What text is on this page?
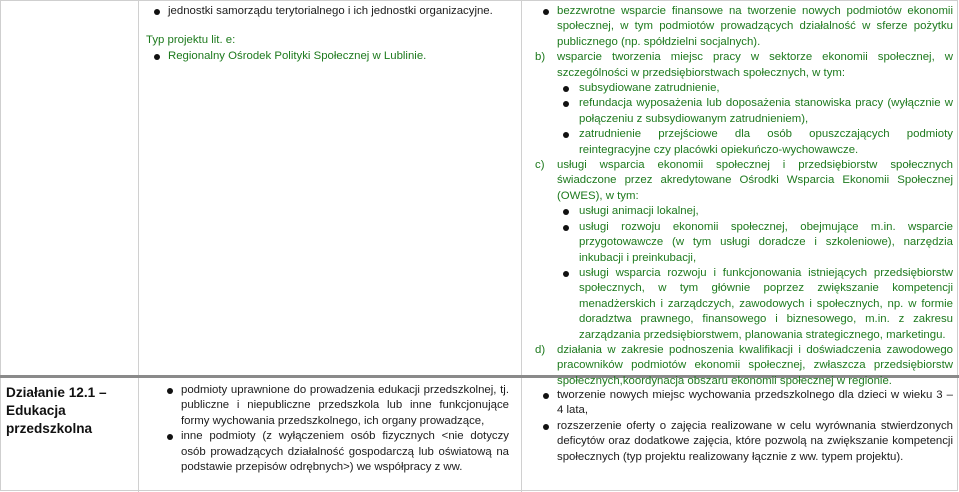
jednostki samorządu terytorialnego i ich jednostki organizacyjne.

Typ projektu lit. e:

Regionalny Ośrodek Polityki Społecznej w Lublinie.
bezzwrotne wsparcie finansowe na tworzenie nowych podmiotów ekonomii społecznej, w tym podmiotów prowadzących działalność w sferze pożytku publicznego (np. spółdzielni socjalnych).
b) wsparcie tworzenia miejsc pracy w sektorze ekonomii społecznej, w szczególności w przedsiębiorstwach społecznych, w tym:
subsydiowane zatrudnienie,
refundacja wyposażenia lub doposażenia stanowiska pracy (wyłącznie w połączeniu z subsydiowanym zatrudnieniem),
zatrudnienie przejściowe dla osób opuszczających podmioty reintegracyjne czy placówki opiekuńczo-wychowawcze.
c) usługi wsparcia ekonomii społecznej i przedsiębiorstw społecznych świadczone przez akredytowane Ośrodki Wsparcia Ekonomii Społecznej (OWES), w tym:
usługi animacji lokalnej,
usługi rozwoju ekonomii społecznej, obejmujące m.in. wsparcie przygotowawcze (w tym usługi doradcze i szkoleniowe), narzędzia inkubacji i preinkubacji,
usługi wsparcia rozwoju i funkcjonowania istniejących przedsiębiorstw społecznych, w tym głównie poprzez zwiększanie kompetencji menadżerskich i zarządczych, zawodowych i społecznych, np. w formie doradztwa prawnego, finansowego i biznesowego, m.in. z zakresu zarządzania przedsiębiorstwem, planowania strategicznego, marketingu.
d) działania w zakresie podnoszenia kwalifikacji i doświadczenia zawodowego pracowników podmiotów ekonomii społecznej, zwłaszcza przedsiębiorstw społecznych,koordynacja obszaru ekonomii społecznej w regionie.
Działanie 12.1 –
Edukacja
przedszkolna
podmioty uprawnione do prowadzenia edukacji przedszkolnej, tj. publiczne i niepubliczne przedszkola lub inne funkcjonujące formy wychowania przedszkolnego, ich organy prowadzące,
inne podmioty (z wyłączeniem osób fizycznych <nie dotyczy osób prowadzących działalność gospodarczą lub oświatową na podstawie przepisów odrębnych>) we współpracy z ww.
tworzenie nowych miejsc wychowania przedszkolnego dla dzieci w wieku 3 – 4 lata,
rozszerzenie oferty o zajęcia realizowane w celu wyrównania stwierdzonych deficytów oraz dodatkowe zajęcia, które pozwolą na zwiększanie kompetencji społecznych (typ projektu realizowany łącznie z ww. typem projektu).
